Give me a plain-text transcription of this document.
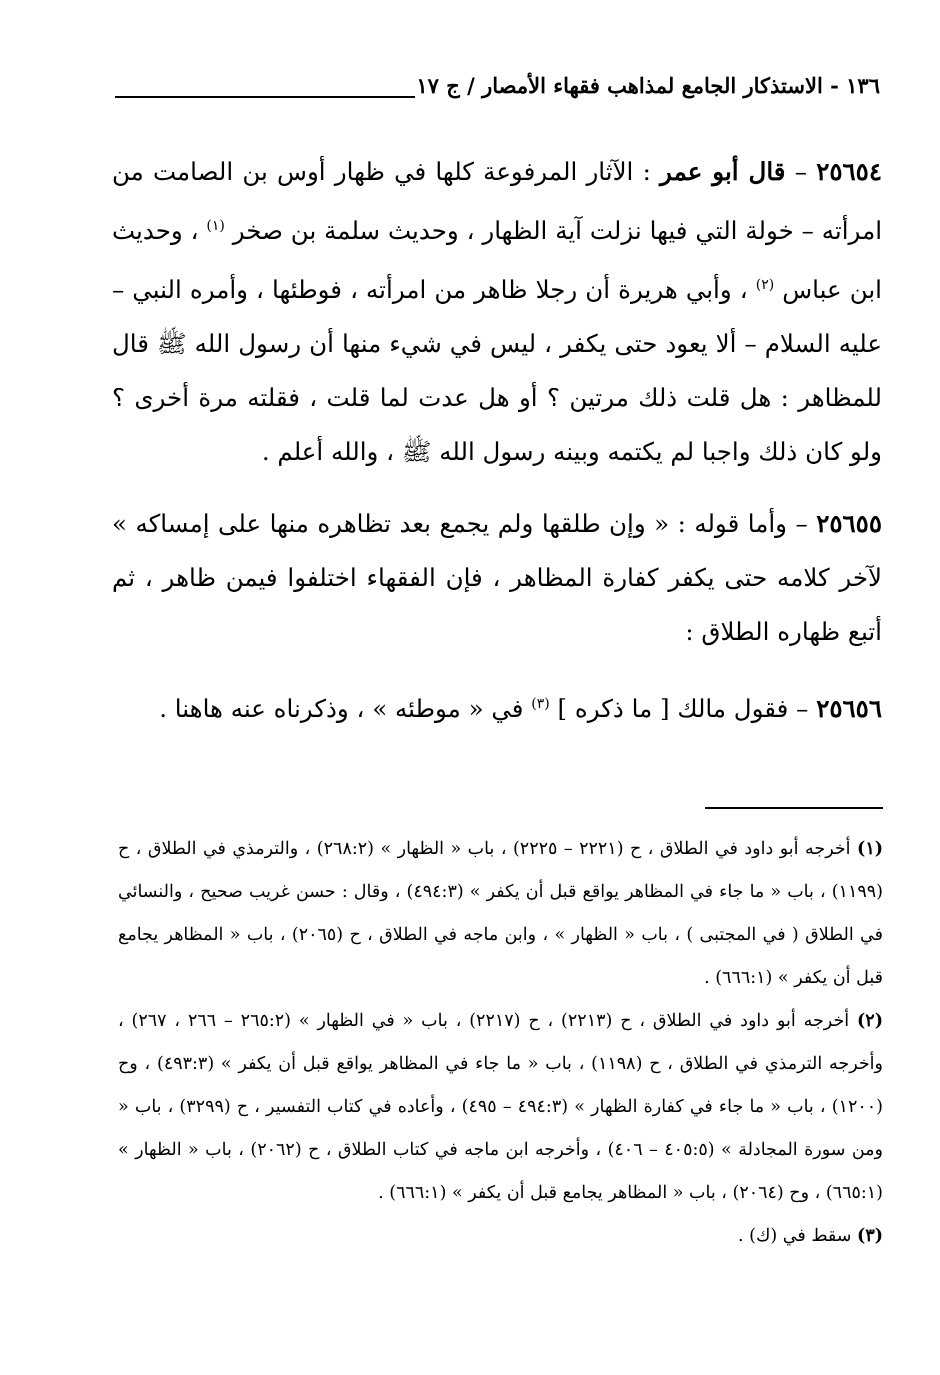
١٣٦ - الاستذكار الجامع لمذاهب فقهاء الأمصار / ج ١٧

٢٥٦٥٤ – قال أبو عمر : الآثار المرفوعة كلها في ظهار أوس بن الصامت من امرأته – خولة التي فيها نزلت آية الظهار ، وحديث سلمة بن صخر $^{(١)}$ ، وحديث ابن عباس $^{(٢)}$ ، وأبي هريرة أن رجلا ظاهر من امرأته ، فوطئها ، وأمره النبي – عليه السلام – ألا يعود حتى يكفر ، ليس في شيء منها أن رسول الله ﷺ قال للمظاهر : هل قلت ذلك مرتين ؟ أو هل عدت لما قلت ، فقلته مرة أخرى ؟ ولو كان ذلك واجبا لم يكتمه وبينه رسول الله ﷺ ، والله أعلم .

٢٥٦٥٥ – وأما قوله : « وإن طلقها ولم يجمع بعد تظاهره منها على إمساكه » لآخر كلامه حتى يكفر كفارة المظاهر ، فإن الفقهاء اختلفوا فيمن ظاهر ، ثم أتبع ظهاره الطلاق :

٢٥٦٥٦ – فقول مالك [ ما ذكره ] $^{(٣)}$ في « موطئه » ، وذكرناه عنه هاهنا .

(١) أخرجه أبو داود في الطلاق ، ح (٢٢٢١ – ٢٢٢٥) ، باب « الظهار » (٢٦٨:٢) ، والترمذي في الطلاق ، ح (١١٩٩) ، باب « ما جاء في المظاهر يواقع قبل أن يكفر » (٤٩٤:٣) ، وقال : حسن غريب صحيح ، والنسائي في الطلاق ( في المجتبى ) ، باب « الظهار » ، وابن ماجه في الطلاق ، ح (٢٠٦٥) ، باب « المظاهر يجامع قبل أن يكفر » (٦٦٦:١) .

(٢) أخرجه أبو داود في الطلاق ، ح (٢٢١٣) ، ح (٢٢١٧) ، باب « في الظهار » (٢٦٥:٢ – ٢٦٦ ، ٢٦٧) ، وأخرجه الترمذي في الطلاق ، ح (١١٩٨) ، باب « ما جاء في المظاهر يواقع قبل أن يكفر » (٤٩٣:٣) ، وح (١٢٠٠) ، باب « ما جاء في كفارة الظهار » (٤٩٤:٣ – ٤٩٥) ، وأعاده في كتاب التفسير ، ح (٣٢٩٩) ، باب « ومن سورة المجادلة » (٤٠٥:٥ – ٤٠٦) ، وأخرجه ابن ماجه في كتاب الطلاق ، ح (٢٠٦٢) ، باب « الظهار » (٦٦٥:١) ، وح (٢٠٦٤) ، باب « المظاهر يجامع قبل أن يكفر » (٦٦٦:١) .

(٣) سقط في (ك) .
